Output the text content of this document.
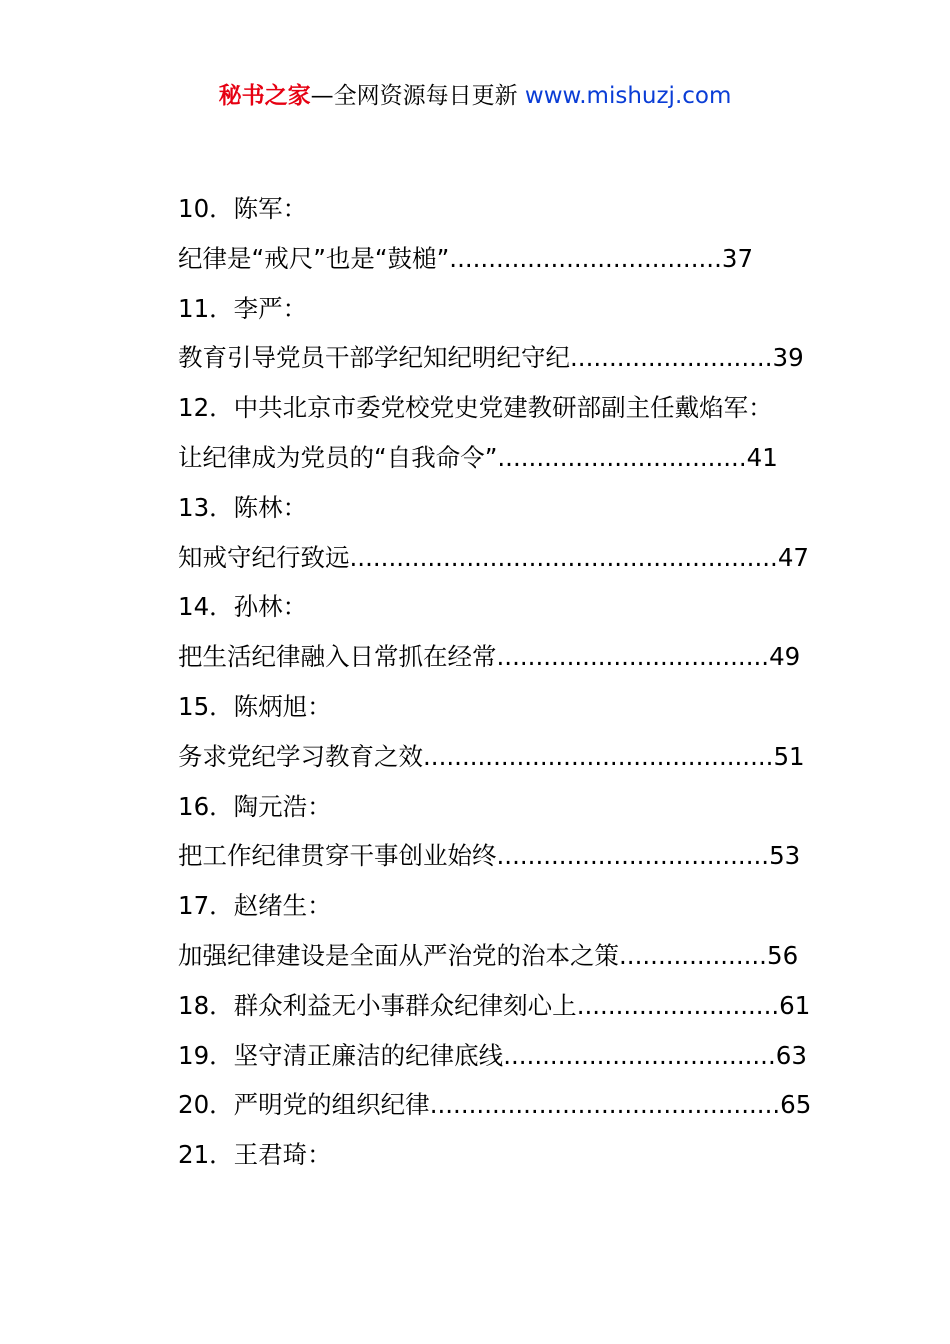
秘书之家—全网资源每日更新 www.mishuzj.com
10．陈军：
纪律是“戒尺”也是“鼓槌”...................................37
11．李严：
教育引导党员干部学纪知纪明纪守纪..........................39
12．中共北京市委党校党史党建教研部副主任戴焰军：
让纪律成为党员的“自我命令”................................41
13．陈林：
知戒守纪行致远.......................................................47
14．孙林：
把生活纪律融入日常抓在经常...................................49
15．陈炳旭：
务求党纪学习教育之效.............................................51
16．陶元浩：
把工作纪律贯穿干事创业始终...................................53
17．赵绪生：
加强纪律建设是全面从严治党的治本之策...................56
18．群众利益无小事群众纪律刻心上..........................61
19．坚守清正廉洁的纪律底线...................................63
20．严明党的组织纪律.............................................65
21．王君琦：
